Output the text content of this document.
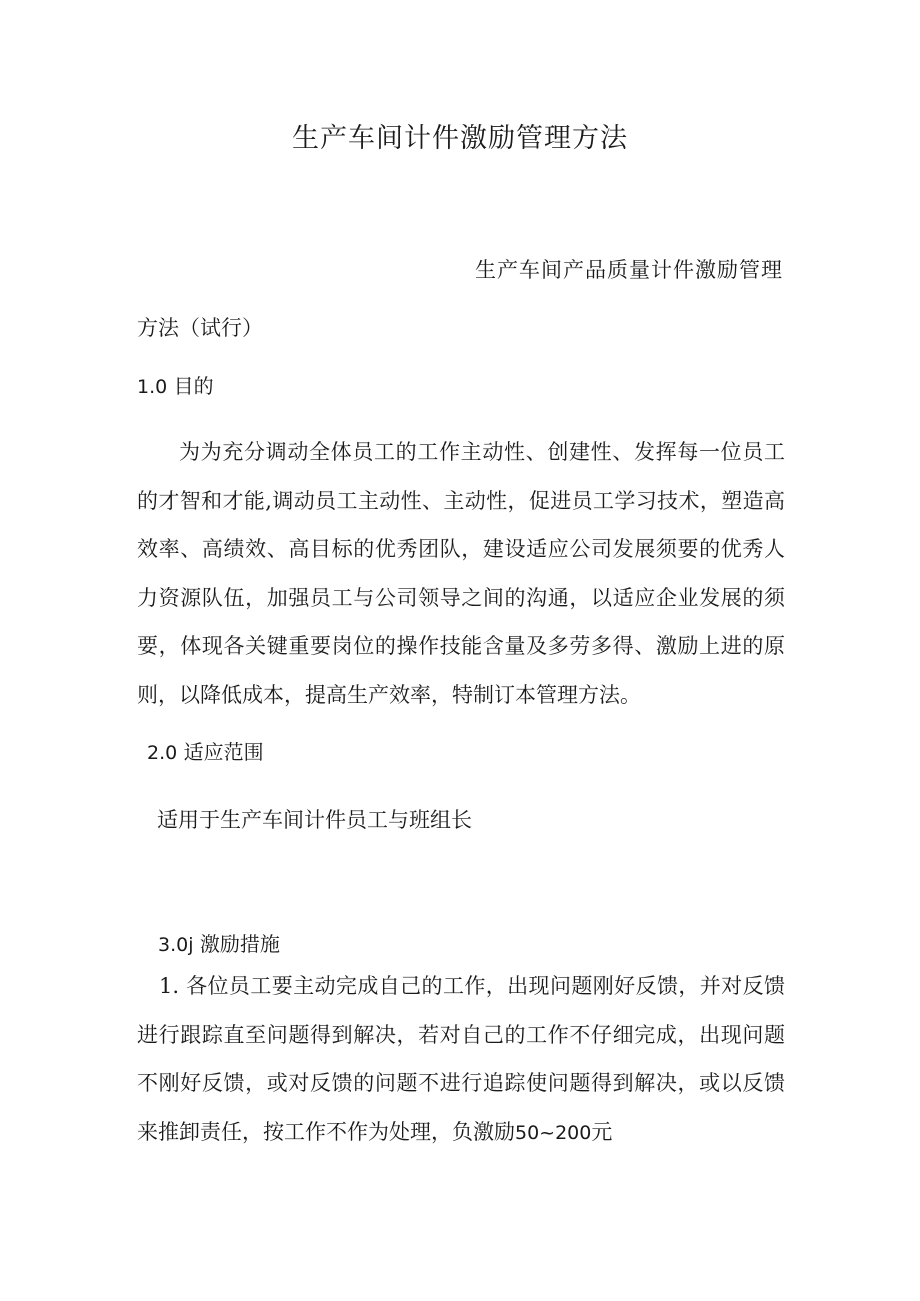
生产车间计件激励管理方法
生产车间产品质量计件激励管理
方法（试行）
1.0 目的

为为充分调动全体员工的工作主动性、创建性、发挥每一位员工的才智和才能,调动员工主动性、主动性，促进员工学习技术，塑造高效率、高绩效、高目标的优秀团队，建设适应公司发展须要的优秀人力资源队伍，加强员工与公司领导之间的沟通，以适应企业发展的须要，体现各关键重要岗位的操作技能含量及多劳多得、激励上进的原则，以降低成本，提高生产效率，特制订本管理方法。

2.0 适应范围
适用于生产车间计件员工与班组长
3.0j 激励措施

1. 各位员工要主动完成自己的工作，出现问题刚好反馈，并对反馈进行跟踪直至问题得到解决，若对自己的工作不仔细完成，出现问题不刚好反馈，或对反馈的问题不进行追踪使问题得到解决，或以反馈来推卸责任，按工作不作为处理，负激励50~200元
